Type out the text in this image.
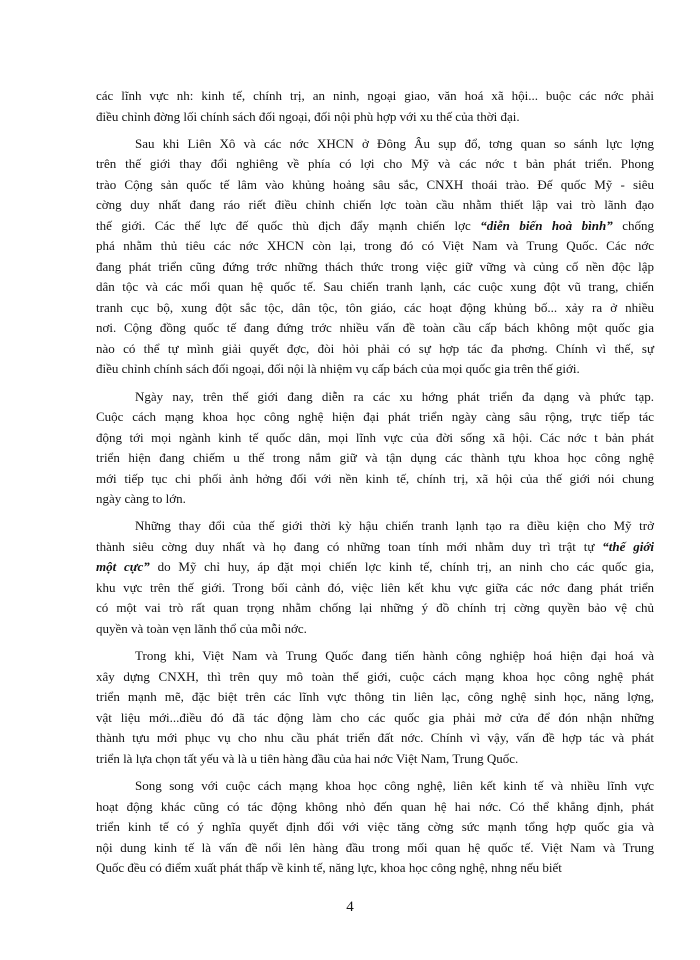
các lĩnh vực nh: kinh tế, chính trị, an ninh, ngoại giao, văn hoá xã hội... buộc các nớc phải
điều chỉnh đờng lối chính sách đối ngoại, đối nội phù hợp với xu thế của thời đại.
Sau khi Liên Xô và các nớc XHCN ở Đông Âu sụp đổ, tơng quan so sánh lực lợng
trên thế giới thay đổi nghiêng về phía có lợi cho Mỹ và các nớc t bản phát triển. Phong
trào Cộng sản quốc tế lâm vào khủng hoảng sâu sắc, CNXH thoái trào. Đế quốc Mỹ - siêu
cờng duy nhất đang ráo riết điều chỉnh chiến lợc toàn cầu nhằm thiết lập vai trò lãnh đạo
thế giới. Các thế lực đế quốc thù địch đẩy mạnh chiến lợc “diễn biến hoà bình” chống
phá nhằm thủ tiêu các nớc XHCN còn lại, trong đó có Việt Nam và Trung Quốc. Các nớc
đang phát triển cũng đứng trớc những thách thức trong việc giữ vững và củng cố nền độc lập
dân tộc và các mối quan hệ quốc tế. Sau chiến tranh lạnh, các cuộc xung đột vũ trang, chiến
tranh cục bộ, xung đột sắc tộc, dân tộc, tôn giáo, các hoạt động khủng bố... xảy ra ở nhiều
nơi. Cộng đồng quốc tế đang đứng trớc nhiều vấn đề toàn cầu cấp bách không một quốc gia
nào có thể tự mình giải quyết đợc, đòi hỏi phải có sự hợp tác đa phơng. Chính vì thế, sự
điều chỉnh chính sách đối ngoại, đối nội là nhiệm vụ cấp bách của mọi quốc gia trên thế giới.
Ngày nay, trên thế giới đang diễn ra các xu hớng phát triển đa dạng và phức tạp.
Cuộc cách mạng khoa học công nghệ hiện đại phát triển ngày càng sâu rộng, trực tiếp tác
động tới mọi ngành kinh tế quốc dân, mọi lĩnh vực của đời sống xã hội. Các nớc t bản phát
triển hiện đang chiếm u thế trong nắm giữ và tận dụng các thành tựu khoa học công nghệ
mới tiếp tục chi phối ảnh hởng đối với nền kinh tế, chính trị, xã hội của thế giới nói chung
ngày càng to lớn.
Những thay đổi của thế giới thời kỳ hậu chiến tranh lạnh tạo ra điều kiện cho Mỹ trở
thành siêu cờng duy nhất và họ đang có những toan tính mới nhằm duy trì trật tự “thế giới
một cực” do Mỹ chỉ huy, áp đặt mọi chiến lợc kinh tế, chính trị, an ninh cho các quốc gia,
khu vực trên thế giới. Trong bối cảnh đó, việc liên kết khu vực giữa các nớc đang phát triển
có một vai trò rất quan trọng nhằm chống lại những ý đồ chính trị cờng quyền bảo vệ chủ
quyền và toàn vẹn lãnh thổ của mỗi nớc.
Trong khi, Việt Nam và Trung Quốc đang tiến hành công nghiệp hoá hiện đại hoá và
xây dựng CNXH, thì trên quy mô toàn thế giới, cuộc cách mạng khoa học công nghệ phát
triển mạnh mẽ, đặc biệt trên các lĩnh vực thông tin liên lạc, công nghệ sinh học, năng lợng,
vật liệu mới...điều đó đã tác động làm cho các quốc gia phải mở cửa để đón nhận những
thành tựu mới phục vụ cho nhu cầu phát triển đất nớc. Chính vì vậy, vấn đề hợp tác và phát
triển là lựa chọn tất yếu và là u tiên hàng đầu của hai nớc Việt Nam, Trung Quốc.
Song song với cuộc cách mạng khoa học công nghệ, liên kết kinh tế và nhiều lĩnh vực
hoạt động khác cũng có tác động không nhỏ đến quan hệ hai nớc. Có thể khẳng định, phát
triển kinh tế có ý nghĩa quyết định đối với việc tăng cờng sức mạnh tổng hợp quốc gia và
nội dung kinh tế là vấn đề nổi lên hàng đầu trong mối quan hệ quốc tế. Việt Nam và Trung
Quốc đều có điểm xuất phát thấp về kinh tế, năng lực, khoa học công nghệ, nhng nếu biết
4
